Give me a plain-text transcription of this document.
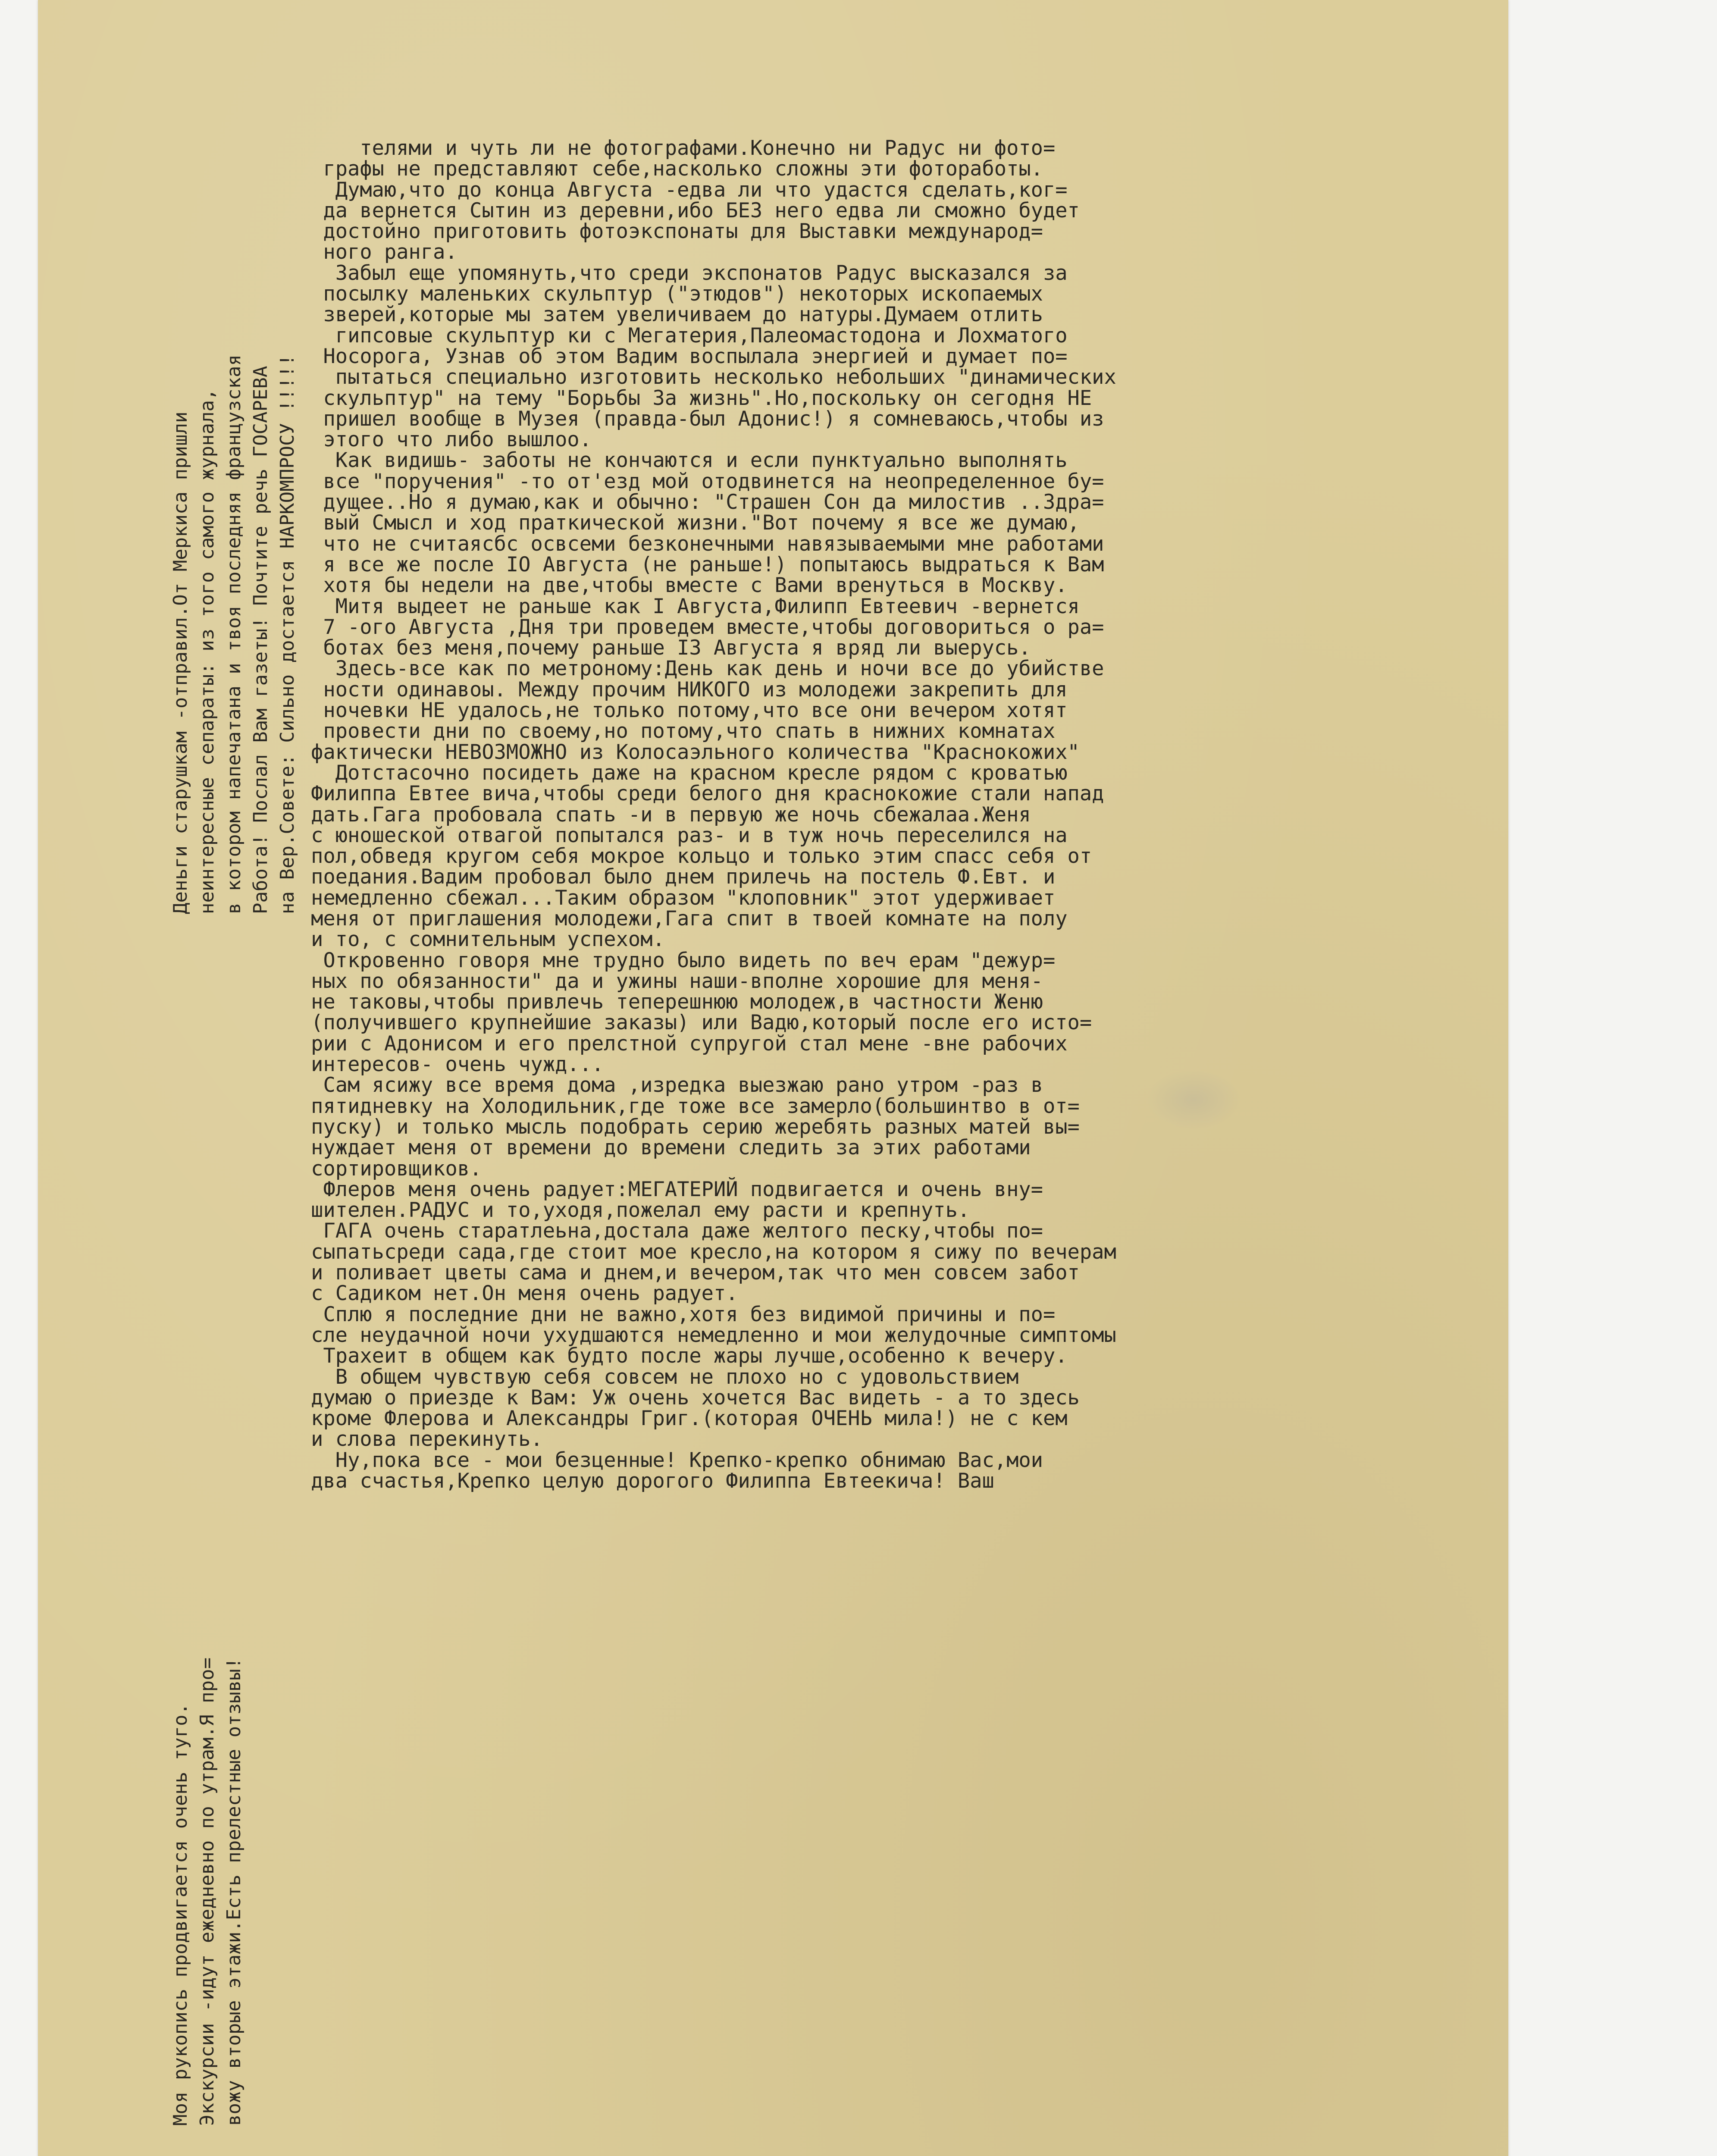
Деньги старушкам -отправил.От Меркиса пришли неинтересные сепараты: из того самого журнала, в котором напечатана и твоя последняя французская Работа! Послал Вам газеты! Почтите речь ГОСАРЕВА на Вер.Совете: Сильно достается НАРКОМПРОСУ !!!!!
Моя рукопись продвигается очень туго. Экскурсии -идут ежедневно по утрам.Я про= вожу вторые этажи.Есть прелестные отзывы!
телями и чуть ли не фотографами.Конечно ни Радус ни фото=
графы не представляют себе,насколько сложны эти фотоработы.
Думаю,что до конца Августа -едва ли что удастся сделать,ког=
да вернется Сытин из деревни,ибо БЕЗ него едва ли сможно будет
достойно приготовить фотоэкспонаты для Выставки международ=
ного ранга.
Забыл еще упомянуть,что среди экспонатов Радус высказался за
посылку маленьких скульптур ("этюдов") некоторых ископаемых
зверей,которые мы затем увеличиваем до натуры.Думаем отлить
гипсовые скульптур ки с Мегатерия,Палеомастодона и Лохматого
Носорога, Узнав об этом Вадим воспылала энергией и думает по=
пытаться специально изготовить несколько небольших "динамических
скульптур" на тему "Борьбы За жизнь".Но,поскольку он сегодня НЕ
пришел вообще в Музея (правда-был Адонис!) я сомневаюсь,чтобы из
этого что либо вышлоо.
Как видишь- заботы не кончаются и если пунктуально выполнять
все "поручения" -то от'езд мой отодвинется на неопределенное бу=
дущее..Но я думаю,как и обычно: "Страшен Сон да милостив ..Здра=
вый Смысл и ход праткической жизни."Вот почему я все же думаю,
что не считаясбс освсеми безконечными навязываемыми мне работами
я все же после IO Августа (не раньше!) попытаюсь выдраться к Вам
хотя бы недели на две,чтобы вместе с Вами вренуться в Москву.
Митя выдеет не раньше как I Августа,Филипп Евтеевич -вернется
7 -ого Августа ,Дня три проведем вместе,чтобы договориться о ра=
ботах без меня,почему раньше I3 Августа я вряд ли выерусь.
Здесь-все как по метроному:День как день и ночи все до убийстве
ности одинавоы. Между прочим НИКОГО из молодежи закрепить для
ночевки НЕ удалось,не только потому,что все они вечером хотят
провести дни по своему,но потому,что спать в нижних комнатах
фактически НЕВОЗМОЖНО из Колосаэльного количества "Краснокожих"
Дотстасочно посидеть даже на красном кресле рядом с кроватью
Филиппа Евтее вича,чтобы среди белого дня краснокожие стали напад
дать.Гага пробовала спать -и в первую же ночь сбежалаа.Женя
с юношеской отвагой попытался раз- и в туж ночь переселился на
пол,обведя кругом себя мокрое кольцо и только этим спасс себя от
поедания.Вадим пробовал было днем прилечь на постель Ф.Евт. и
немедленно сбежал...Таким образом "клоповник" этот удерживает
меня от приглашения молодежи,Гага спит в твоей комнате на полу
и то, с сомнительным успехом.
Откровенно говоря мне трудно было видеть по веч ерам "дежур=
ных по обязанности" да и ужины наши-вполне хорошие для меня-
не таковы,чтобы привлечь теперешнюю молодеж,в частности Женю
(получившего крупнейшие заказы) или Вадю,который после его исто=
рии с Адонисом и его прелстной супругой стал мене -вне рабочих
интересов- очень чужд...
Сам ясижу все время дома ,изредка выезжаю рано утром -раз в
пятидневку на Холодильник,где тоже все замерло(большинтво в от=
пуску) и только мысль подобрать серию жеребять разных матей вы=
нуждает меня от времени до времени следить за этих работами
сортировщиков.
Флеров меня очень радует:МЕГАТЕРИЙ подвигается и очень вну=
шителен.РАДУС и то,уходя,пожелал ему расти и крепнуть.
ГАГА очень старатлеьна,достала даже желтого песку,чтобы по=
сыпатьсреди сада,где стоит мое кресло,на котором я сижу по вечерам
и поливает цветы сама и днем,и вечером,так что мен совсем забот
с Садиком нет.Он меня очень радует.
Сплю я последние дни не важно,хотя без видимой причины и по=
сле неудачной ночи ухудшаются немедленно и мои желудочные симптомы
Трахеит в общем как будто после жары лучше,особенно к вечеру.
В общем чувствую себя совсем не плохо но с удовольствием
думаю о приезде к Вам: Уж очень хочется Вас видеть - а то здесь
кроме Флерова и Александры Григ.(которая ОЧЕНЬ мила!) не с кем
и слова перекинуть.
Ну,пока все - мои безценные! Крепко-крепко обнимаю Вас,мои
два счастья,Крепко целую дорогого Филиппа Евтеекича! Ваш
